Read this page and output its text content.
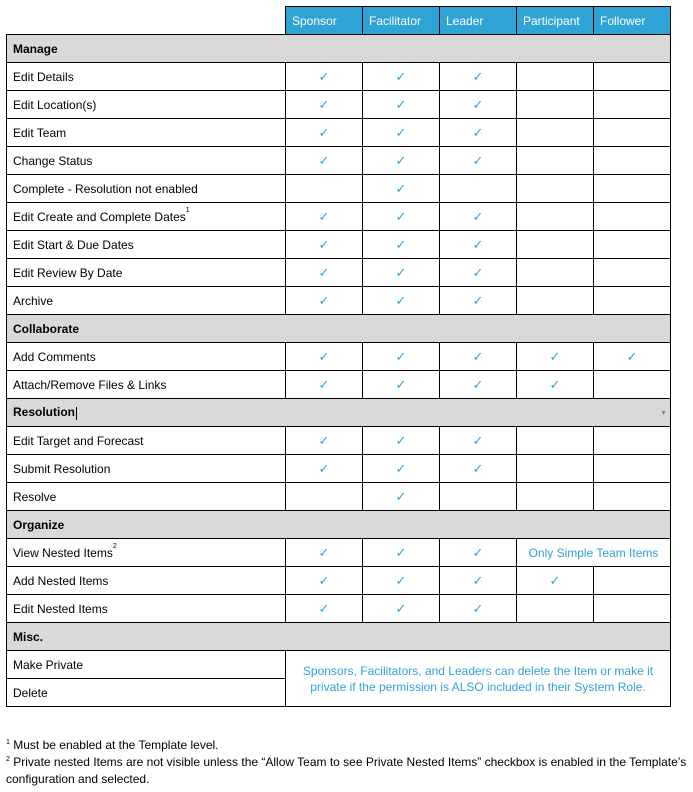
	Sponsor	Facilitator	Leader	Participant	Follower
Manage					
Edit Details	✓	✓	✓		
Edit Location(s)	✓	✓	✓		
Edit Team	✓	✓	✓		
Change Status	✓	✓	✓		
Complete - Resolution not enabled		✓			
Edit Create and Complete Dates$^1$	✓	✓	✓		
Edit Start & Due Dates	✓	✓	✓		
Edit Review By Date	✓	✓	✓		
Archive	✓	✓	✓		
Collaborate					
Add Comments	✓	✓	✓	✓	✓
Attach/Remove Files & Links	✓	✓	✓	✓	
Resolution ▼					

Edit Target and Forecast	✓	✓	✓		
Submit Resolution	✓	✓	✓		
Resolve		✓			
Organize					
View Nested Items$^2$	✓	✓	✓	Only Simple Team Items	
Add Nested Items	✓	✓	✓	✓	
Edit Nested Items	✓	✓	✓		
Misc.					
Make Private	Sponsors, Facilitators, and Leaders can delete the Item or make it private if the permission is ALSO included in their System Role.				
Delete					

$^1$ Must be enabled at the Template level.

$^2$ Private nested Items are not visible unless the “Allow Team to see Private Nested Items” checkbox is enabled in the Template’s configuration and selected.
